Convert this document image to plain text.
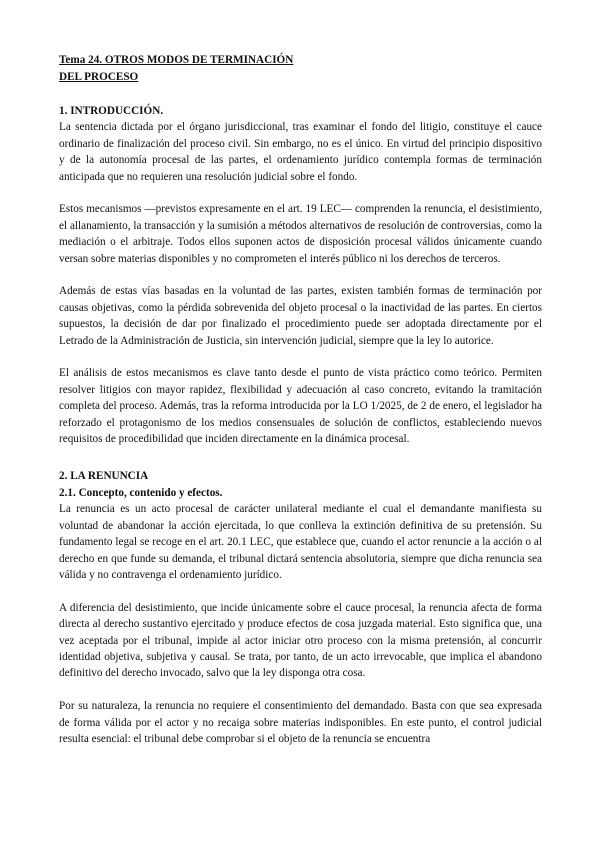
Tema 24. OTROS MODOS DE TERMINACIÓN
DEL PROCESO
1. INTRODUCCIÓN.

La sentencia dictada por el órgano jurisdiccional, tras examinar el fondo del litigio, constituye el cauce ordinario de finalización del proceso civil. Sin embargo, no es el único. En virtud del principio dispositivo y de la autonomía procesal de las partes, el ordenamiento jurídico contempla formas de terminación anticipada que no requieren una resolución judicial sobre el fondo.

Estos mecanismos —previstos expresamente en el art. 19 LEC— comprenden la renuncia, el desistimiento, el allanamiento, la transacción y la sumisión a métodos alternativos de resolución de controversias, como la mediación o el arbitraje. Todos ellos suponen actos de disposición procesal válidos únicamente cuando versan sobre materias disponibles y no comprometen el interés público ni los derechos de terceros.

Además de estas vías basadas en la voluntad de las partes, existen también formas de terminación por causas objetivas, como la pérdida sobrevenida del objeto procesal o la inactividad de las partes. En ciertos supuestos, la decisión de dar por finalizado el procedimiento puede ser adoptada directamente por el Letrado de la Administración de Justicia, sin intervención judicial, siempre que la ley lo autorice.

El análisis de estos mecanismos es clave tanto desde el punto de vista práctico como teórico. Permiten resolver litigios con mayor rapidez, flexibilidad y adecuación al caso concreto, evitando la tramitación completa del proceso. Además, tras la reforma introducida por la LO 1/2025, de 2 de enero, el legislador ha reforzado el protagonismo de los medios consensuales de solución de conflictos, estableciendo nuevos requisitos de procedibilidad que inciden directamente en la dinámica procesal.

2. LA RENUNCIA
2.1. Concepto, contenido y efectos.

La renuncia es un acto procesal de carácter unilateral mediante el cual el demandante manifiesta su voluntad de abandonar la acción ejercitada, lo que conlleva la extinción definitiva de su pretensión. Su fundamento legal se recoge en el art. 20.1 LEC, que establece que, cuando el actor renuncie a la acción o al derecho en que funde su demanda, el tribunal dictará sentencia absolutoria, siempre que dicha renuncia sea válida y no contravenga el ordenamiento jurídico.

A diferencia del desistimiento, que incide únicamente sobre el cauce procesal, la renuncia afecta de forma directa al derecho sustantivo ejercitado y produce efectos de cosa juzgada material. Esto significa que, una vez aceptada por el tribunal, impide al actor iniciar otro proceso con la misma pretensión, al concurrir identidad objetiva, subjetiva y causal. Se trata, por tanto, de un acto irrevocable, que implica el abandono definitivo del derecho invocado, salvo que la ley disponga otra cosa.

Por su naturaleza, la renuncia no requiere el consentimiento del demandado. Basta con que sea expresada de forma válida por el actor y no recaiga sobre materias indisponibles. En este punto, el control judicial resulta esencial: el tribunal debe comprobar si el objeto de la renuncia se encuentra
